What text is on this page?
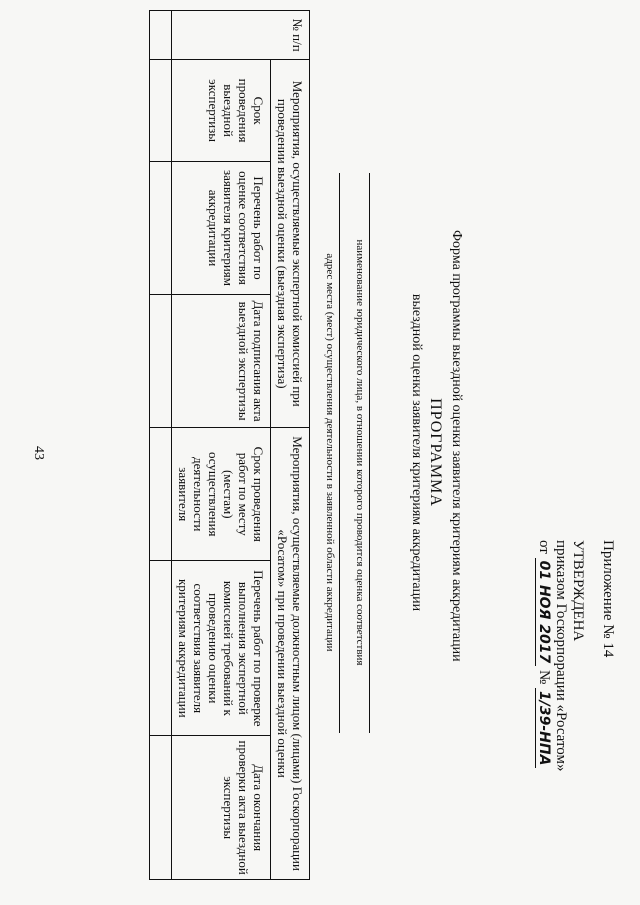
43
Приложение № 14
УТВЕРЖДЕНА
приказом Госкорпорации «Росатом»
от 01 НОЯ 2017 № 1/39-НПА
Форма программы выездной оценки заявителя критериям аккредитации
ПРОГРАММА
выездной оценки заявителя критериям аккредитации
наименование юридического лица, в отношении которого проводится оценка соответствия
адрес места (мест) осуществления деятельности в заявленной области аккредитации
№ п/п	Мероприятия, осуществляемые экспертной комиссией при проведении выездной оценки (выездная экспертиза)			Мероприятия, осуществляемые должностным лицом (лицами) Госкорпорации «Росатом» при проведении выездной оценки		
	Срок проведения выездной экспертизы	Перечень работ по оценке соответствия заявителя критериям аккредитации	Дата подписания акта выездной экспертизы	Срок проведения работ по месту (местам) осуществления деятельности заявителя	Перечень работ по проверке выполнения экспертной комиссией требований к проведению оценки соответствия заявителя критериям аккредитации	Дата окончания проверки акта выездной экспертизы
